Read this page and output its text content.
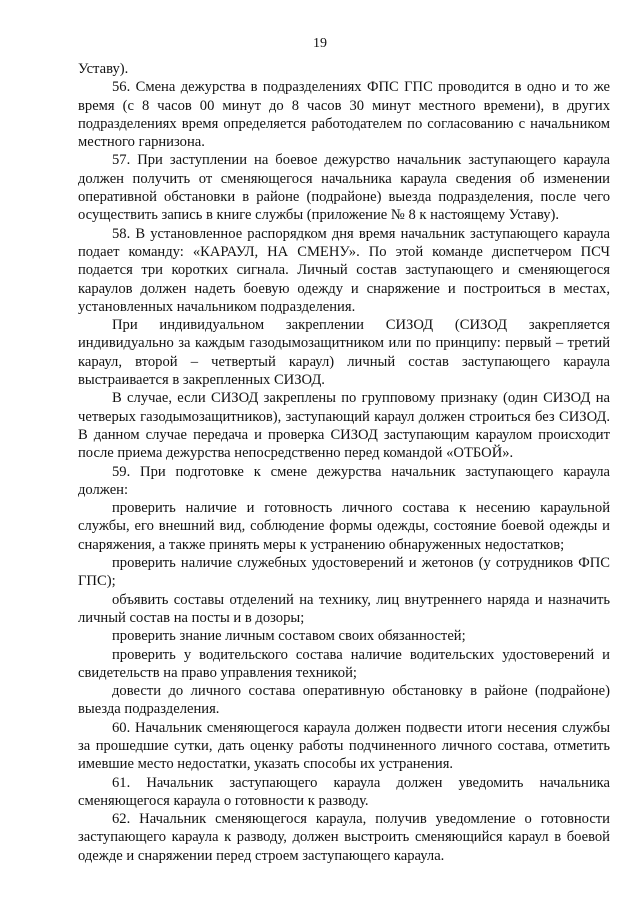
19

Уставу).

56. Смена дежурства в подразделениях ФПС ГПС проводится в одно и то же время (с 8 часов 00 минут до 8 часов 30 минут местного времени), в других подразделениях время определяется работодателем по согласованию с начальником местного гарнизона.

57. При заступлении на боевое дежурство начальник заступающего караула должен получить от сменяющегося начальника караула сведения об изменении оперативной обстановки в районе (подрайоне) выезда подразделения, после чего осуществить запись в книге службы (приложение № 8 к настоящему Уставу).

58. В установленное распорядком дня время начальник заступающего караула подает команду: «КАРАУЛ, НА СМЕНУ». По этой команде диспетчером ПСЧ подается три коротких сигнала. Личный состав заступающего и сменяющегося караулов должен надеть боевую одежду и снаряжение и построиться в местах, установленных начальником подразделения.

При индивидуальном закреплении СИЗОД (СИЗОД закрепляется индивидуально за каждым газодымозащитником или по принципу: первый – третий караул, второй – четвертый караул) личный состав заступающего караула выстраивается в закрепленных СИЗОД.

В случае, если СИЗОД закреплены по групповому признаку (один СИЗОД на четверых газодымозащитников), заступающий караул должен строиться без СИЗОД. В данном случае передача и проверка СИЗОД заступающим караулом происходит после приема дежурства непосредственно перед командой «ОТБОЙ».

59. При подготовке к смене дежурства начальник заступающего караула должен:

проверить наличие и готовность личного состава к несению караульной службы, его внешний вид, соблюдение формы одежды, состояние боевой одежды и снаряжения, а также принять меры к устранению обнаруженных недостатков;

проверить наличие служебных удостоверений и жетонов (у сотрудников ФПС ГПС);

объявить составы отделений на технику, лиц внутреннего наряда и назначить личный состав на посты и в дозоры;

проверить знание личным составом своих обязанностей;

проверить у водительского состава наличие водительских удостоверений и свидетельств на право управления техникой;

довести до личного состава оперативную обстановку в районе (подрайоне) выезда подразделения.

60. Начальник сменяющегося караула должен подвести итоги несения службы за прошедшие сутки, дать оценку работы подчиненного личного состава, отметить имевшие место недостатки, указать способы их устранения.

61. Начальник заступающего караула должен уведомить начальника сменяющегося караула о готовности к разводу.

62. Начальник сменяющегося караула, получив уведомление о готовности заступающего караула к разводу, должен выстроить сменяющийся караул в боевой одежде и снаряжении перед строем заступающего караула.
